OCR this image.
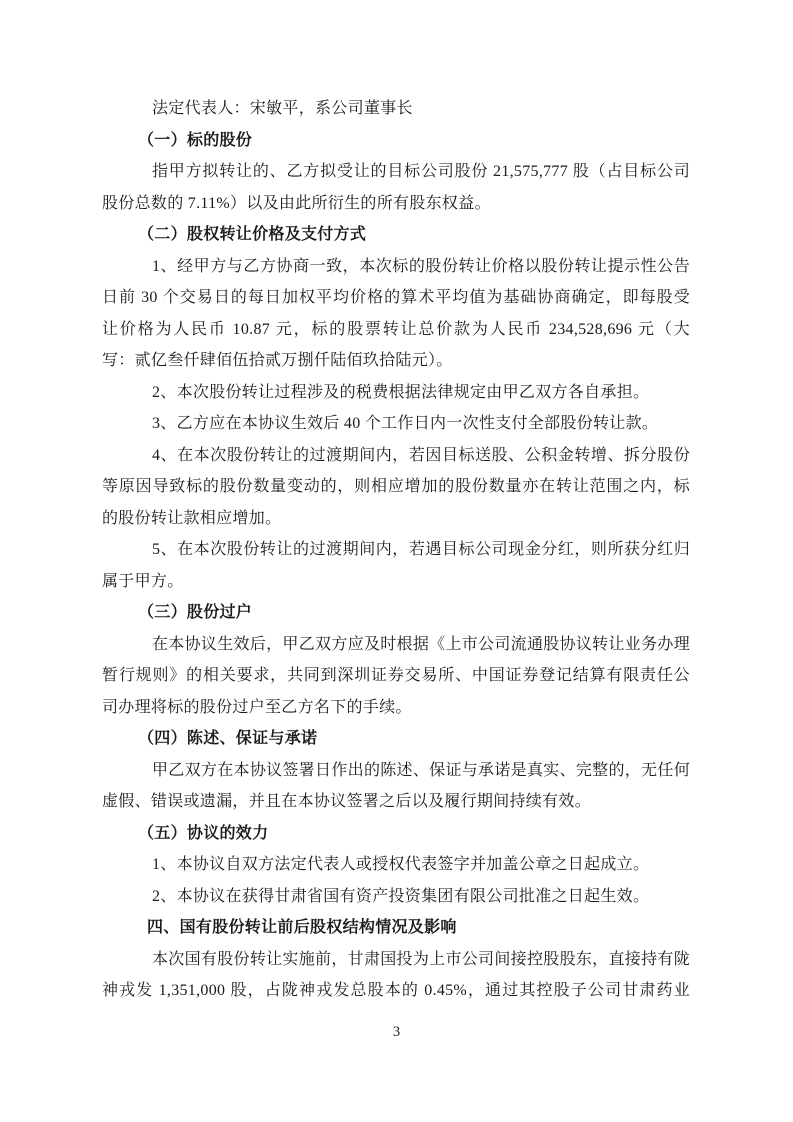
法定代表人：宋敏平，系公司董事长
（一）标的股份
指甲方拟转让的、乙方拟受让的目标公司股份 21,575,777 股（占目标公司
股份总数的 7.11%）以及由此所衍生的所有股东权益。
（二）股权转让价格及支付方式
1、经甲方与乙方协商一致，本次标的股份转让价格以股份转让提示性公告
日前 30 个交易日的每日加权平均价格的算术平均值为基础协商确定，即每股受
让价格为人民币 10.87 元，标的股票转让总价款为人民币 234,528,696 元（大
写：贰亿叁仟肆佰伍拾贰万捌仟陆佰玖拾陆元）。
2、本次股份转让过程涉及的税费根据法律规定由甲乙双方各自承担。
3、乙方应在本协议生效后 40 个工作日内一次性支付全部股份转让款。
4、在本次股份转让的过渡期间内，若因目标送股、公积金转增、拆分股份
等原因导致标的股份数量变动的，则相应增加的股份数量亦在转让范围之内，标
的股份转让款相应增加。
5、在本次股份转让的过渡期间内，若遇目标公司现金分红，则所获分红归
属于甲方。
（三）股份过户
在本协议生效后，甲乙双方应及时根据《上市公司流通股协议转让业务办理
暂行规则》的相关要求，共同到深圳证券交易所、中国证券登记结算有限责任公
司办理将标的股份过户至乙方名下的手续。
（四）陈述、保证与承诺
甲乙双方在本协议签署日作出的陈述、保证与承诺是真实、完整的，无任何
虚假、错误或遗漏，并且在本协议签署之后以及履行期间持续有效。
（五）协议的效力
1、本协议自双方法定代表人或授权代表签字并加盖公章之日起成立。
2、本协议在获得甘肃省国有资产投资集团有限公司批准之日起生效。
四、国有股份转让前后股权结构情况及影响
本次国有股份转让实施前，甘肃国投为上市公司间接控股股东，直接持有陇
神戎发 1,351,000 股，占陇神戎发总股本的 0.45%，通过其控股子公司甘肃药业
3
